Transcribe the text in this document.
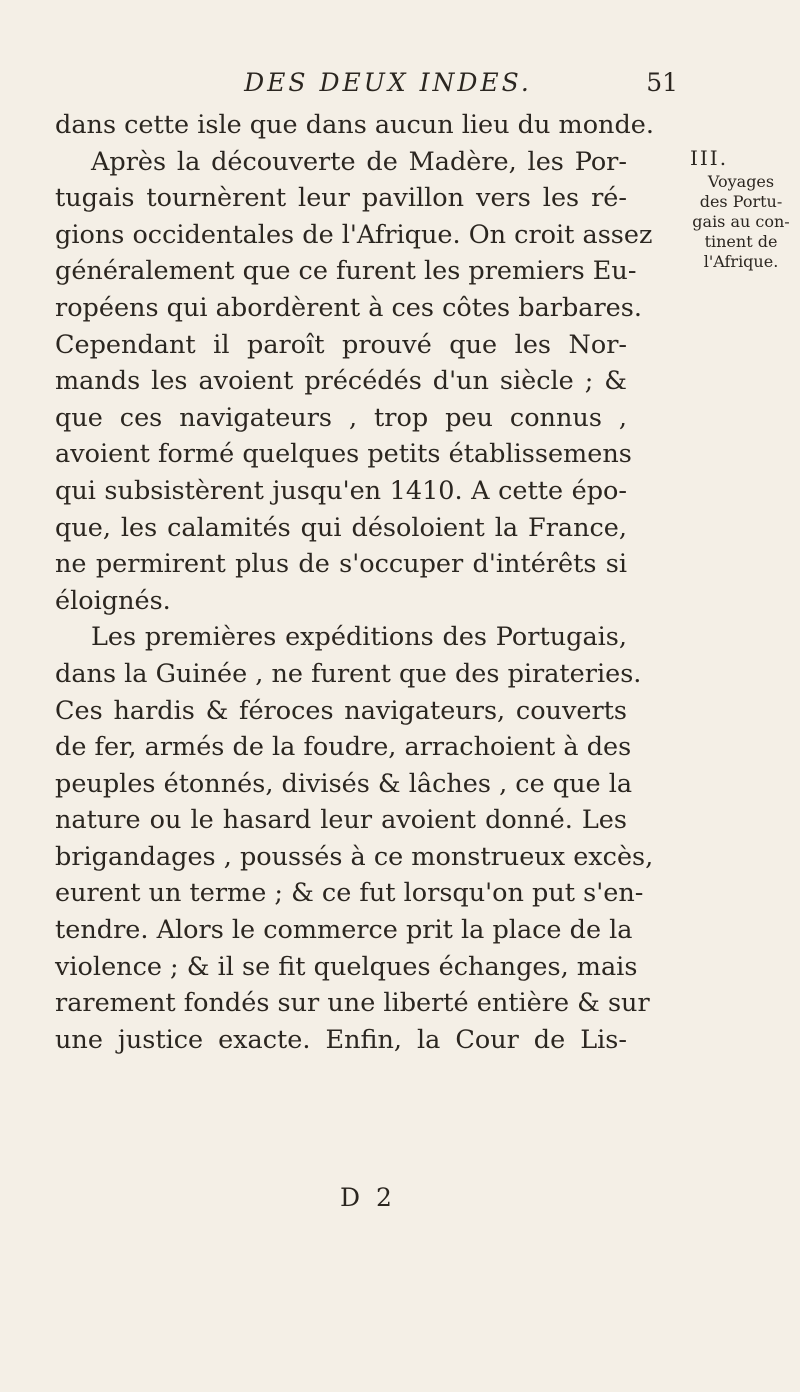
DES DEUX INDES.	51
dans cette isle que dans aucun lieu du monde.
Après la découverte de Madère, les Por-
tugais tournèrent leur pavillon vers les ré-
gions occidentales de l'Afrique. On croit assez
généralement que ce furent les premiers Eu-
ropéens qui abordèrent à ces côtes barbares.
Cependant il paroît prouvé que les Nor-
mands les avoient précédés d'un siècle ; &
que ces navigateurs , trop peu connus ,
avoient formé quelques petits établissemens
qui subsistèrent jusqu'en 1410. A cette épo-
que, les calamités qui désoloient la France,
ne permirent plus de s'occuper d'intérêts si
éloignés.
Les premières expéditions des Portugais,
dans la Guinée , ne furent que des pirateries.
Ces hardis & féroces navigateurs, couverts
de fer, armés de la foudre, arrachoient à des
peuples étonnés, divisés & lâches , ce que la
nature ou le hasard leur avoient donné. Les
brigandages , poussés à ce monstrueux excès,
eurent un terme ; & ce fut lorsqu'on put s'en-
tendre. Alors le commerce prit la place de la
violence ; & il se fit quelques échanges, mais
rarement fondés sur une liberté entière & sur
une justice exacte. Enfin, la Cour de Lis-
III.
Voyages
des Portu-
gais au con-
tinent de
l'Afrique.
D 2
